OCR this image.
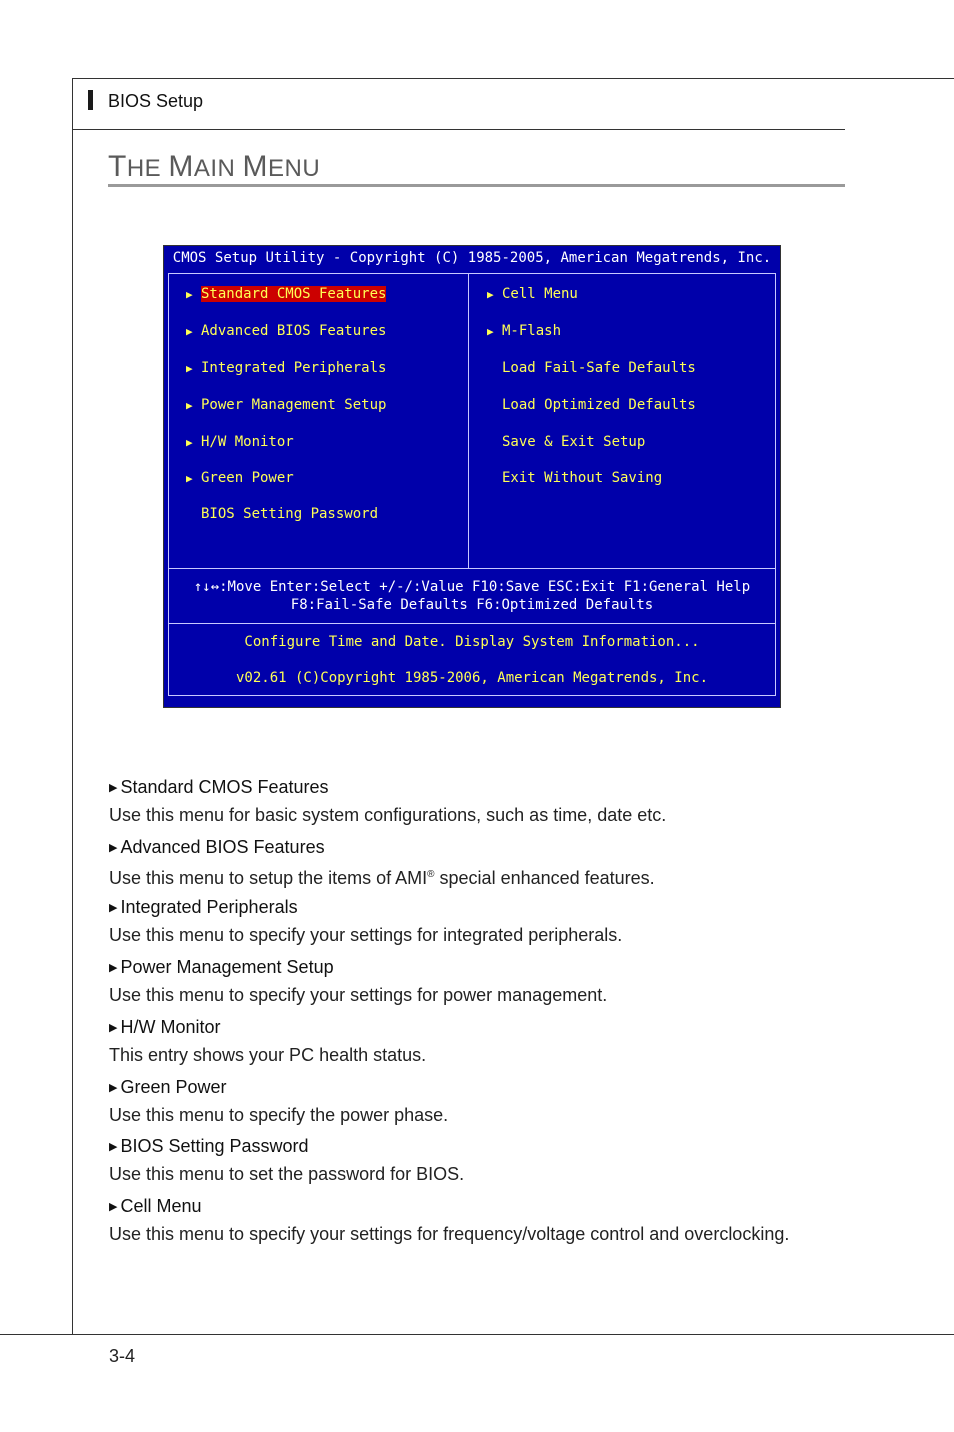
BIOS Setup
THE MAIN MENU
CMOS Setup Utility - Copyright (C) 1985-2005, American Megatrends, Inc.
▶ Standard CMOS Features
▶ Advanced BIOS Features
▶ Integrated Peripherals
▶ Power Management Setup
▶ H/W Monitor
▶ Green Power
BIOS Setting Password
▶ Cell Menu
▶ M-Flash
Load Fail-Safe Defaults
Load Optimized Defaults
Save & Exit Setup
Exit Without Saving
↑↓↔:Move Enter:Select +/-/:Value F10:Save ESC:Exit F1:General Help
F8:Fail-Safe Defaults F6:Optimized Defaults
Configure Time and Date. Display System Information...
v02.61 (C)Copyright 1985-2006, American Megatrends, Inc.
▶ Standard CMOS Features
Use this menu for basic system configurations, such as time, date etc.
▶ Advanced BIOS Features
Use this menu to setup the items of AMI® special enhanced features.
▶ Integrated Peripherals
Use this menu to specify your settings for integrated peripherals.
▶ Power Management Setup
Use this menu to specify your settings for power management.
▶ H/W Monitor
This entry shows your PC health status.
▶ Green Power
Use this menu to specify the power phase.
▶ BIOS Setting Password
Use this menu to set the password for BIOS.
▶ Cell Menu
Use this menu to specify your settings for frequency/voltage control and overclocking.
3-4
